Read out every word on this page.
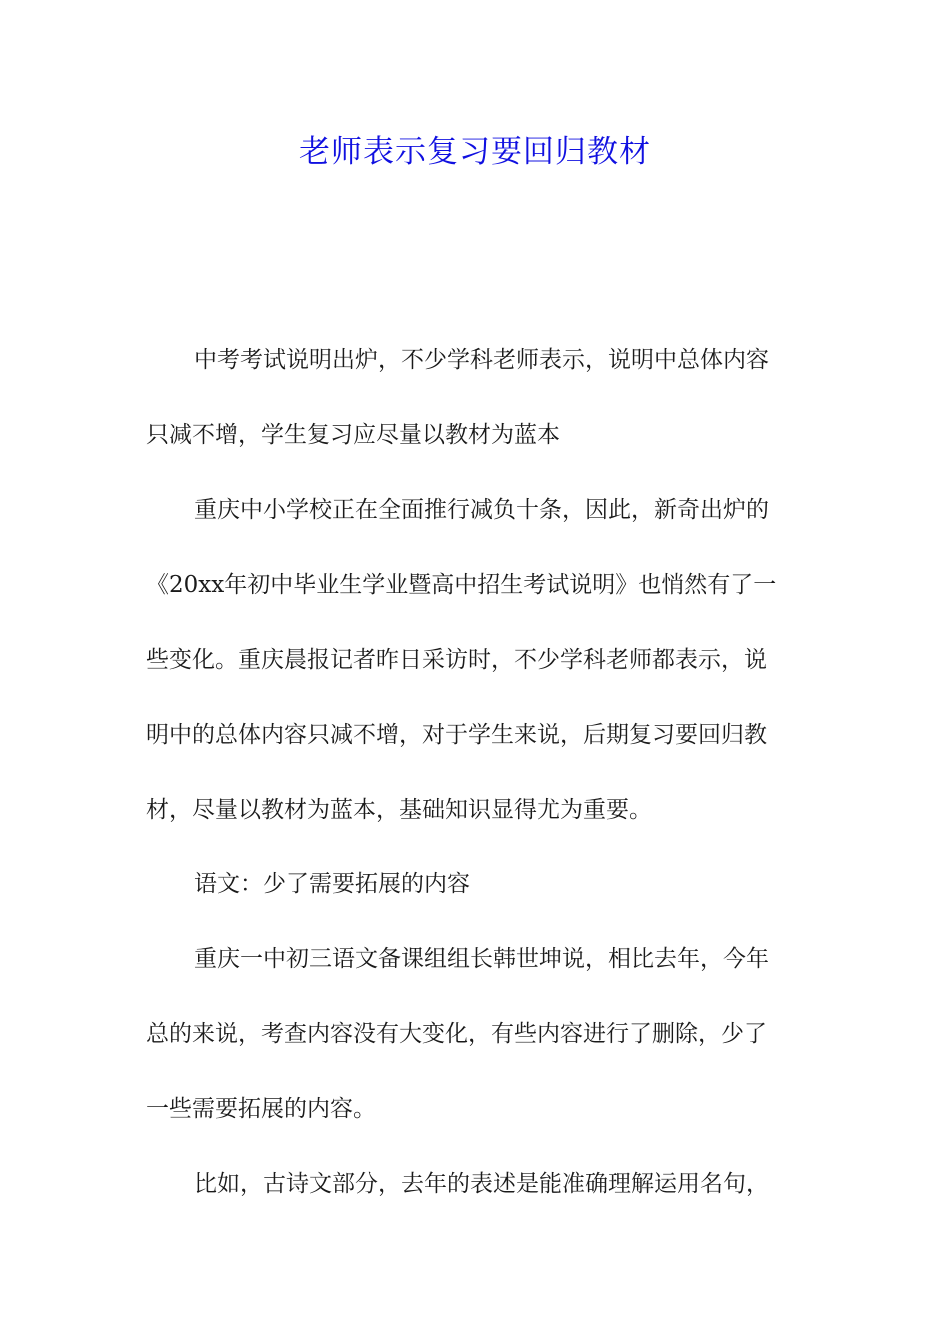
老师表示复习要回归教材
中考考试说明出炉，不少学科老师表示，说明中总体内容
只减不增，学生复习应尽量以教材为蓝本
重庆中小学校正在全面推行减负十条，因此，新奇出炉的
《20xx年初中毕业生学业暨高中招生考试说明》也悄然有了一
些变化。重庆晨报记者昨日采访时，不少学科老师都表示，说
明中的总体内容只减不增，对于学生来说，后期复习要回归教
材，尽量以教材为蓝本，基础知识显得尤为重要。
语文：少了需要拓展的内容
重庆一中初三语文备课组组长韩世坤说，相比去年，今年
总的来说，考查内容没有大变化，有些内容进行了删除，少了
一些需要拓展的内容。
比如，古诗文部分，去年的表述是能准确理解运用名句，
